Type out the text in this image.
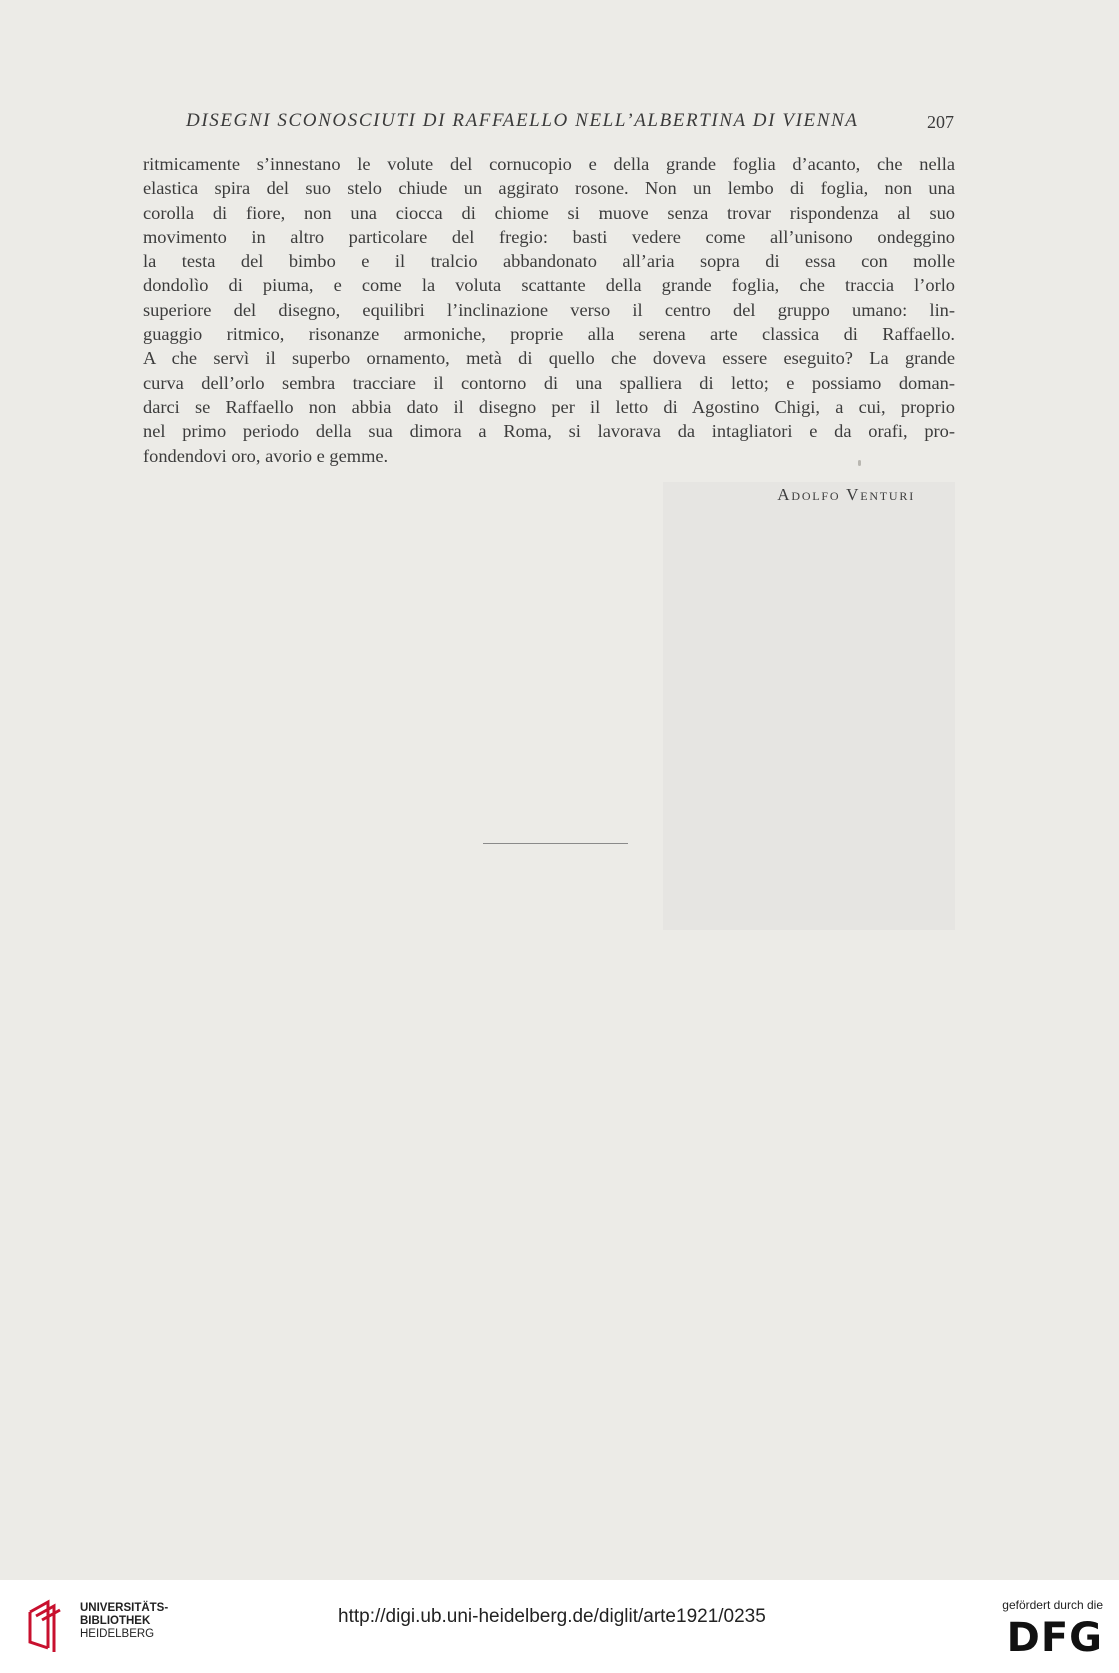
DISEGNI SCONOSCIUTI DI RAFFAELLO NELL’ALBERTINA DI VIENNA	207
ritmicamente s’innestano le volute del cornucopio e della grande foglia d’acanto, che nella
elastica spira del suo stelo chiude un aggirato rosone. Non un lembo di foglia, non una
corolla di fiore, non una ciocca di chiome si muove senza trovar rispondenza al suo
movimento in altro particolare del fregio: basti vedere come all’unisono ondeggino
la testa del bimbo e il tralcio abbandonato all’aria sopra di essa con molle
dondolìo di piuma, e come la voluta scattante della grande foglia, che traccia l’orlo
superiore del disegno, equilibri l’inclinazione verso il centro del gruppo umano: lin-
guaggio ritmico, risonanze armoniche, proprie alla serena arte classica di Raffaello.
A che servì il superbo ornamento, metà di quello che doveva essere eseguito? La grande
curva dell’orlo sembra tracciare il contorno di una spalliera di letto; e possiamo doman-
darci se Raffaello non abbia dato il disegno per il letto di Agostino Chigi, a cui, proprio
nel primo periodo della sua dimora a Roma, si lavorava da intagliatori e da orafi, pro-
fondendovi oro, avorio e gemme.
Adolfo Venturi
UNIVERSITÄTS-
BIBLIOTHEK
HEIDELBERG
http://digi.ub.uni-heidelberg.de/diglit/arte1921/0235
gefördert durch die
DFG
